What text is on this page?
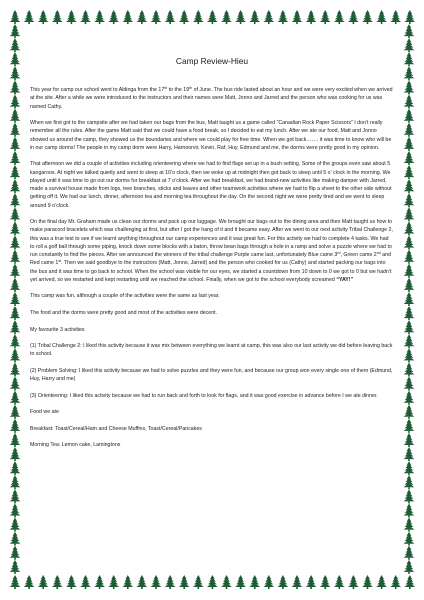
Camp Review-Hieu

This year for camp our school went to Aldinga from the 17th to the 19th of June. The bus ride lasted about an hour and we were very excited when we arrived at the site. After a while we were introduced to the instructors and their names were Matt, Jonno and Jarred and the person who was cooking for us was named Cathy.

When we first got to the campsite after we had taken our bags from the bus, Matt taught us a game called “Canadian Rock Paper Scissors” I don’t really remember all the rules. After the game Matt said that we could have a food break, so I decided to eat my lunch. After we ate our food, Matt and Jonno showed us around the camp, they showed us the boundaries and where we could play for free time. When we got back……. it was time to know who will be in our camp dorms! The people in my camp dorm were Harry, Harnoorvir, Kevin, Raf, Huy, Edmund and me, the dorms were pretty good in my opinion.

That afternoon we did a couple of activities including orienteering where we had to find flags set up in a bush setting. Some of the groups even saw about 5 kangaroos. At night we talked quietly and went to sleep at 10’o clock, then we woke up at midnight then got back to sleep until 5 o’ clock in the morning. We played until it was time to go out our dorms for breakfast at 7 o’clock. After we had breakfast, we had brand-new activities like making damper with Jarred, made a survival house made from logs, tree branches, sticks and leaves and other teamwork activities where we had to flip a sheet to the other side without getting off it. We had our lunch, dinner, afternoon tea and morning tea throughout the day. On the second night we were pretty tired and we went to sleep around 9 o’clock.

On the final day Mr. Graham made us clean our dorms and pack up our luggage. We brought our bags out to the dining area and then Matt taught us how to make paracord bracelets which was challenging at first, but after I got the hang of it and it became easy. After we went to our next activity Tribal Challenge 2, this was a true test to see if we learnt anything throughout our camp experiences and it was great fun. For this activity we had to complete 4 tasks. We had to roll a golf ball through some piping, knock down some blocks with a baton, throw bean bags through a hole in a ramp and solve a puzzle where we had to run constantly to find the pieces. After we announced the winners of the tribal challenge Purple came last, unfortunately Blue came 3rd, Green came 2nd and Red came 1st. Then we said goodbye to the instructors (Matt, Jonno, Jarred) and the person who cooked for us (Cathy) and started packing our bags into the bus and it was time to go back to school. When the school was visible for our eyes, we started a countdown from 10 down to 0 we got to 0 but we hadn’t yet arrived, so we restarted and kept restarting until we reached the school. Finally, when we got to the school everybody screamed “YAY!”

This camp was fun, although a couple of the activities were the same as last year.

The food and the dorms were pretty good and most of the activities were decent.

My favourite 3 activities

(1) Tribal Challenge 2: I liked this activity because it was mix between everything we learnt at camp, this was also our last activity we did before leaving back to school.

(2) Problem Solving: I liked this activity because we had to solve puzzles and they were fun, and because our group won every single one of them (Edmund, Huy, Harry and me)

(3) Orienteering: I liked this activity because we had to run back and forth to look for flags, and it was good exercise in advance before I we ate dinner.

Food we ate

Breakfast: Toast/Cereal/Ham and Cheese Muffins, Toast/Cereal/Pancakes

Morning Tea: Lemon cake, Lamingtons
